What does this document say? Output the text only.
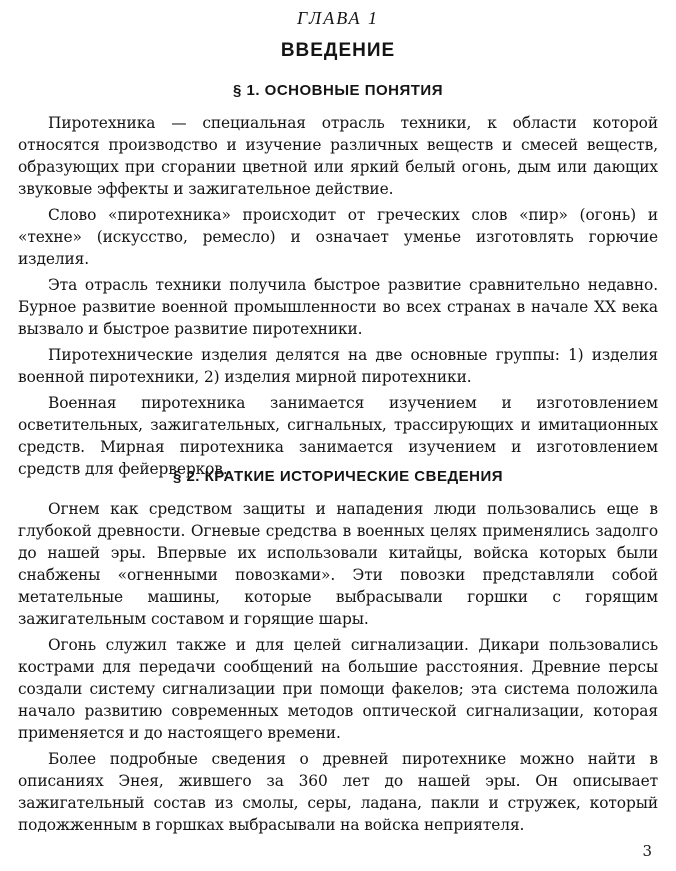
ГЛАВА 1
ВВЕДЕНИЕ
§ 1. ОСНОВНЫЕ ПОНЯТИЯ

Пиротехника — специальная отрасль техники, к области которой относятся производство и изучение различных веществ и смесей веществ, образующих при сгорании цветной или яркий белый огонь, дым или дающих звуковые эффекты и зажигательное действие.

Слово «пиротехника» происходит от греческих слов «пир» (огонь) и «техне» (искусство, ремесло) и означает уменье изготовлять горючие изделия.

Эта отрасль техники получила быстрое развитие сравнительно недавно. Бурное развитие военной промышленности во всех странах в начале XX века вызвало и быстрое развитие пиротехники.

Пиротехнические изделия делятся на две основные группы: 1) изделия военной пиротехники, 2) изделия мирной пиротехники.

Военная пиротехника занимается изучением и изготовлением осветительных, зажигательных, сигнальных, трассирующих и имитационных средств. Мирная пиротехника занимается изучением и изготовлением средств для фейерверков.

§ 2. КРАТКИЕ ИСТОРИЧЕСКИЕ СВЕДЕНИЯ

Огнем как средством защиты и нападения люди пользовались еще в глубокой древности. Огневые средства в военных целях применялись задолго до нашей эры. Впервые их использовали китайцы, войска которых были снабжены «огненными повозками». Эти повозки представляли собой метательные машины, которые выбрасывали горшки с горящим зажигательным составом и горящие шары.

Огонь служил также и для целей сигнализации. Дикари пользовались кострами для передачи сообщений на большие расстояния. Древние персы создали систему сигнализации при помощи факелов; эта система положила начало развитию современных методов оптической сигнализации, которая применяется и до настоящего времени.

Более подробные сведения о древней пиротехнике можно найти в описаниях Энея, жившего за 360 лет до нашей эры. Он описывает зажигательный состав из смолы, серы, ладана, пакли и стружек, который подожженным в горшках выбрасывали на войска неприятеля.

3
